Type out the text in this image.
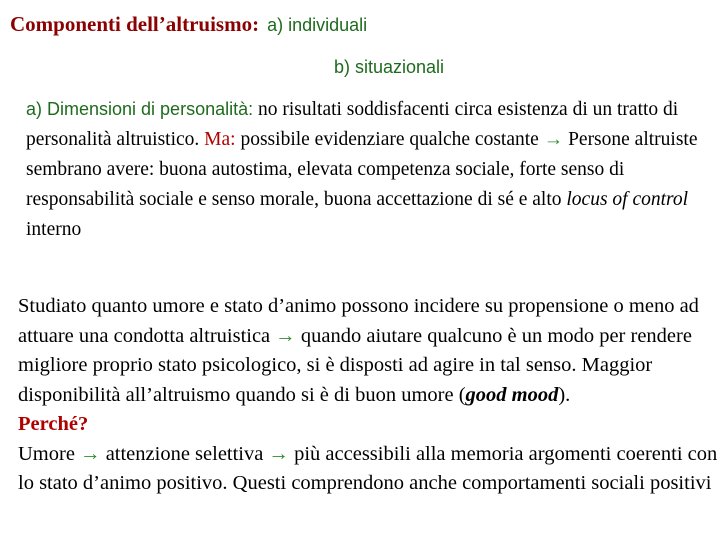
Componenti dell’altruismo: a) individuali
b) situazionali
a) Dimensioni di personalità: no risultati soddisfacenti circa esistenza di un tratto di personalità altruistico. Ma: possibile evidenziare qualche costante → Persone altruiste sembrano avere: buona autostima, elevata competenza sociale, forte senso di responsabilità sociale e senso morale, buona accettazione di sé e alto locus of control interno
Studiato quanto umore e stato d’animo possono incidere su propensione o meno ad attuare una condotta altruistica → quando aiutare qualcuno è un modo per rendere migliore proprio stato psicologico, si è disposti ad agire in tal senso. Maggior disponibilità all’altruismo quando si è di buon umore (good mood).Perché?
Umore → attenzione selettiva → più accessibili alla memoria argomenti coerenti con lo stato d’animo positivo. Questi comprendono anche comportamenti sociali positivi
